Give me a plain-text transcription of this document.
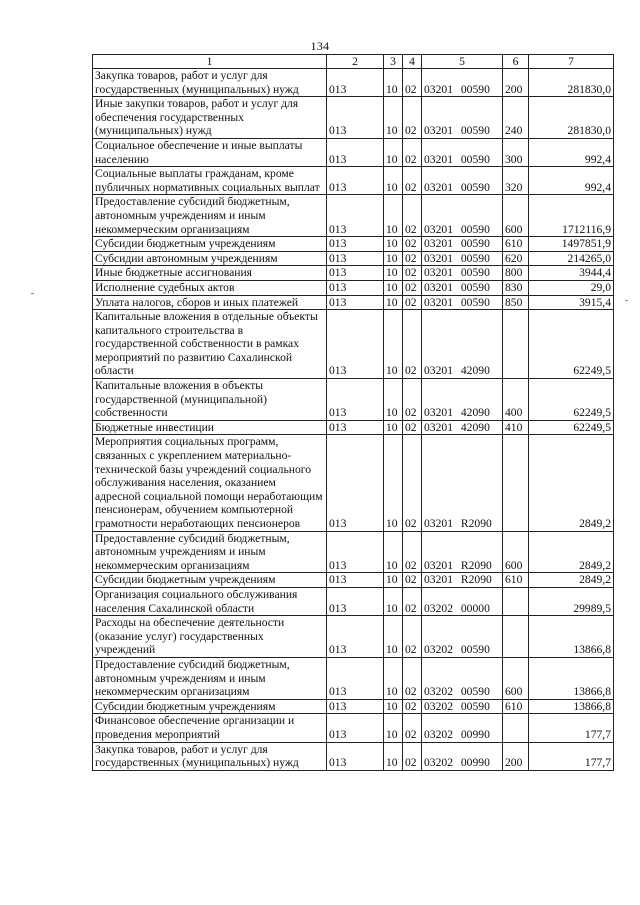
134
1	2	3	4	5	6	7
Закупка товаров, работ и услуг для государственных (муниципальных) нужд	013	10	02	03201 00590	200	281830,0
Иные закупки товаров, работ и услуг для обеспечения государственных (муниципальных) нужд	013	10	02	03201 00590	240	281830,0
Социальное обеспечение и иные выплаты населению	013	10	02	03201 00590	300	992,4
Социальные выплаты гражданам, кроме публичных нормативных социальных выплат	013	10	02	03201 00590	320	992,4
Предоставление субсидий бюджетным, автономным учреждениям и иным некоммерческим организациям	013	10	02	03201 00590	600	1712116,9
Субсидии бюджетным учреждениям	013	10	02	03201 00590	610	1497851,9
Субсидии автономным учреждениям	013	10	02	03201 00590	620	214265,0
Иные бюджетные ассигнования	013	10	02	03201 00590	800	3944,4
Исполнение судебных актов	013	10	02	03201 00590	830	29,0
Уплата налогов, сборов и иных платежей	013	10	02	03201 00590	850	3915,4
Капитальные вложения в отдельные объекты капитального строительства в государственной собственности в рамках мероприятий по развитию Сахалинской области	013	10	02	03201 42090		62249,5
Капитальные вложения в объекты государственной (муниципальной) собственности	013	10	02	03201 42090	400	62249,5
Бюджетные инвестиции	013	10	02	03201 42090	410	62249,5
Мероприятия социальных программ, связанных с укреплением материально-технической базы учреждений социального обслуживания населения, оказанием адресной социальной помощи неработающим пенсионерам, обучением компьютерной грамотности неработающих пенсионеров	013	10	02	03201 R2090		2849,2
Предоставление субсидий бюджетным, автономным учреждениям и иным некоммерческим организациям	013	10	02	03201 R2090	600	2849,2
Субсидии бюджетным учреждениям	013	10	02	03201 R2090	610	2849,2
Организация социального обслуживания населения Сахалинской области	013	10	02	03202 00000		29989,5
Расходы на обеспечение деятельности (оказание услуг) государственных учреждений	013	10	02	03202 00590		13866,8
Предоставление субсидий бюджетным, автономным учреждениям и иным некоммерческим организациям	013	10	02	03202 00590	600	13866,8
Субсидии бюджетным учреждениям	013	10	02	03202 00590	610	13866,8
Финансовое обеспечение организации и проведения мероприятий	013	10	02	03202 00990		177,7
Закупка товаров, работ и услуг для государственных (муниципальных) нужд	013	10	02	03202 00990	200	177,7
